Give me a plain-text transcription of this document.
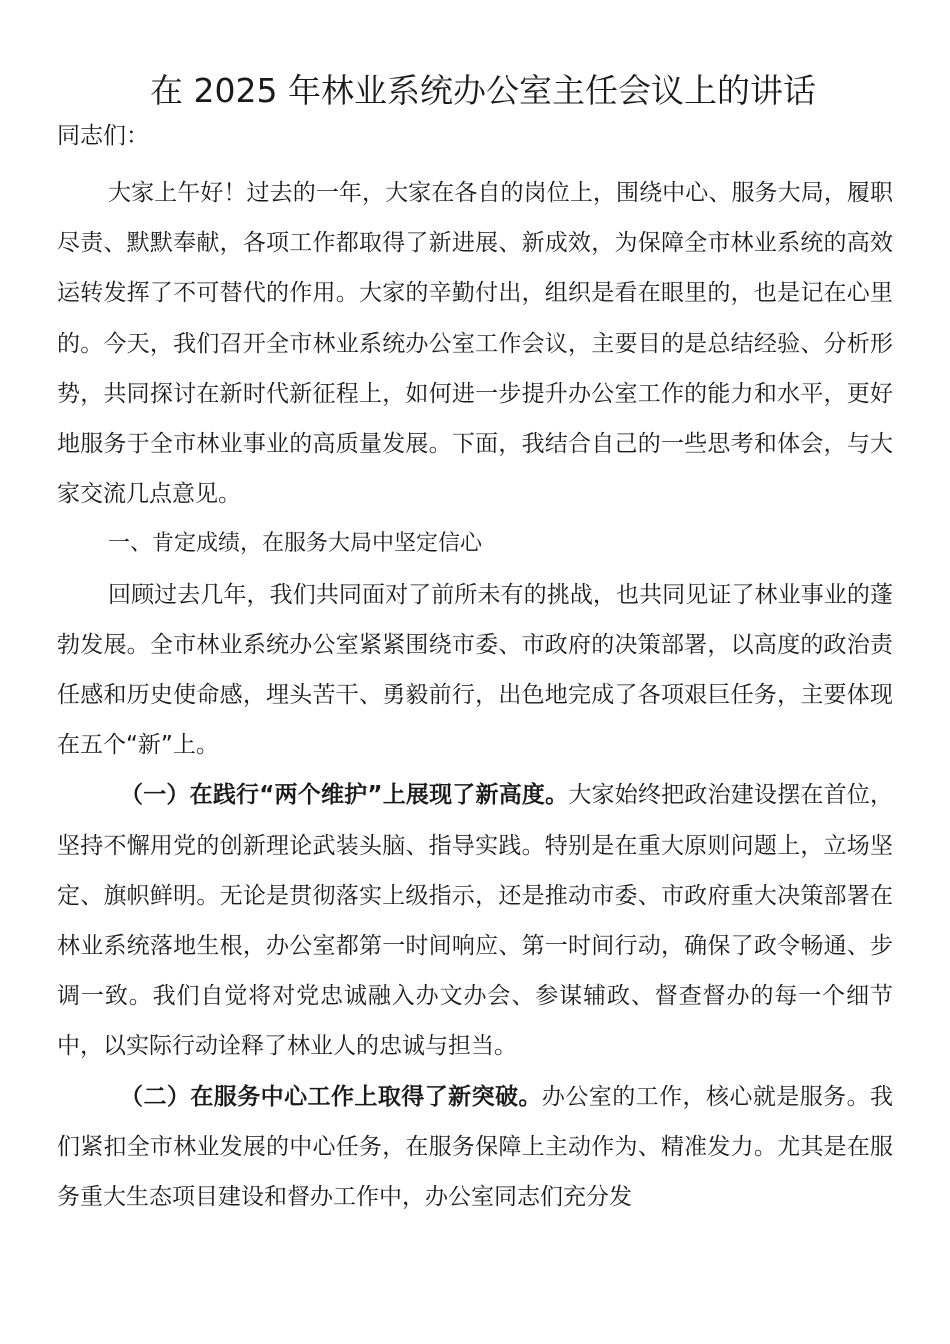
在 2025 年林业系统办公室主任会议上的讲话

同志们：

大家上午好！过去的一年，大家在各自的岗位上，围绕中心、服务大局，履职尽责、默默奉献，各项工作都取得了新进展、新成效，为保障全市林业系统的高效运转发挥了不可替代的作用。大家的辛勤付出，组织是看在眼里的，也是记在心里的。今天，我们召开全市林业系统办公室工作会议，主要目的是总结经验、分析形势，共同探讨在新时代新征程上，如何进一步提升办公室工作的能力和水平，更好地服务于全市林业事业的高质量发展。下面，我结合自己的一些思考和体会，与大家交流几点意见。

一、肯定成绩，在服务大局中坚定信心

回顾过去几年，我们共同面对了前所未有的挑战，也共同见证了林业事业的蓬勃发展。全市林业系统办公室紧紧围绕市委、市政府的决策部署，以高度的政治责任感和历史使命感，埋头苦干、勇毅前行，出色地完成了各项艰巨任务，主要体现在五个“新”上。

（一）在践行“两个维护”上展现了新高度。大家始终把政治建设摆在首位，坚持不懈用党的创新理论武装头脑、指导实践。特别是在重大原则问题上，立场坚定、旗帜鲜明。无论是贯彻落实上级指示，还是推动市委、市政府重大决策部署在林业系统落地生根，办公室都第一时间响应、第一时间行动，确保了政令畅通、步调一致。我们自觉将对党忠诚融入办文办会、参谋辅政、督查督办的每一个细节中，以实际行动诠释了林业人的忠诚与担当。

（二）在服务中心工作上取得了新突破。办公室的工作，核心就是服务。我们紧扣全市林业发展的中心任务，在服务保障上主动作为、精准发力。尤其是在服务重大生态项目建设和督办工作中，办公室同志们充分发
